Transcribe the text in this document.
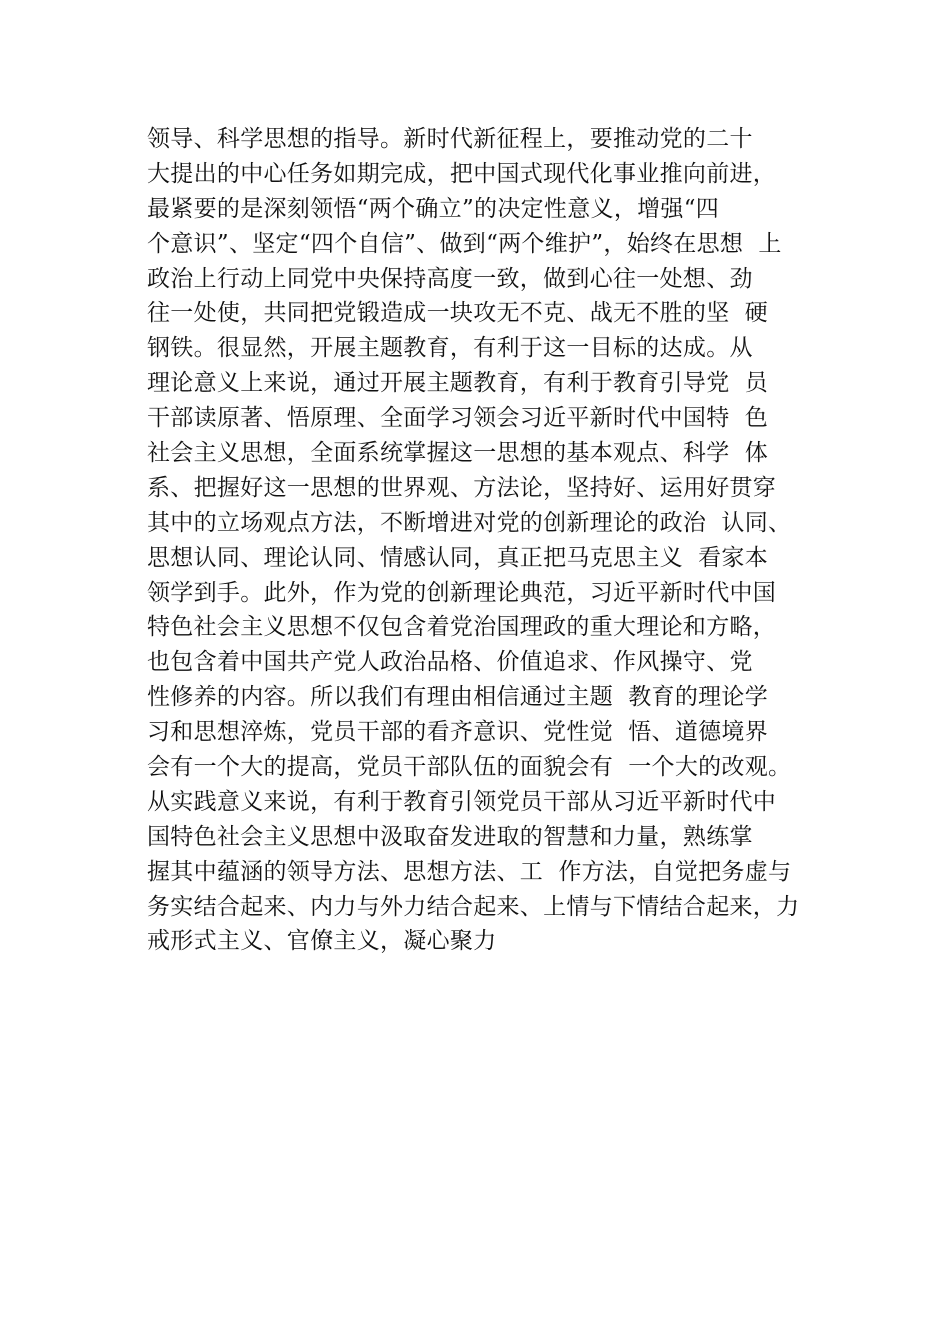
领导、科学思想的指导。新时代新征程上，要推动党的二十
大提出的中心任务如期完成，把中国式现代化事业推向前进，
最紧要的是深刻领悟“两个确立”的决定性意义，增强“四
个意识”、坚定“四个自信”、做到“两个维护”，始终在思想  上
政治上行动上同党中央保持高度一致，做到心往一处想、劲
往一处使，共同把党锻造成一块攻无不克、战无不胜的坚  硬
钢铁。很显然，开展主题教育，有利于这一目标的达成。从
理论意义上来说，通过开展主题教育，有利于教育引导党  员
干部读原著、悟原理、全面学习领会习近平新时代中国特  色
社会主义思想，全面系统掌握这一思想的基本观点、科学  体
系、把握好这一思想的世界观、方法论，坚持好、运用好贯穿
其中的立场观点方法，不断增进对党的创新理论的政治  认同、
思想认同、理论认同、情感认同，真正把马克思主义  看家本
领学到手。此外，作为党的创新理论典范，习近平新时代中国
特色社会主义思想不仅包含着党治国理政的重大理论和方略，
也包含着中国共产党人政治品格、价值追求、作风操守、党
性修养的内容。所以我们有理由相信通过主题  教育的理论学
习和思想淬炼，党员干部的看齐意识、党性觉  悟、道德境界
会有一个大的提高，党员干部队伍的面貌会有  一个大的改观。
从实践意义来说，有利于教育引领党员干部从习近平新时代中
国特色社会主义思想中汲取奋发进取的智慧和力量，熟练掌
握其中蕴涵的领导方法、思想方法、工  作方法，自觉把务虚与
务实结合起来、内力与外力结合起来、上情与下情结合起来，力
戒形式主义、官僚主义，凝心聚力
